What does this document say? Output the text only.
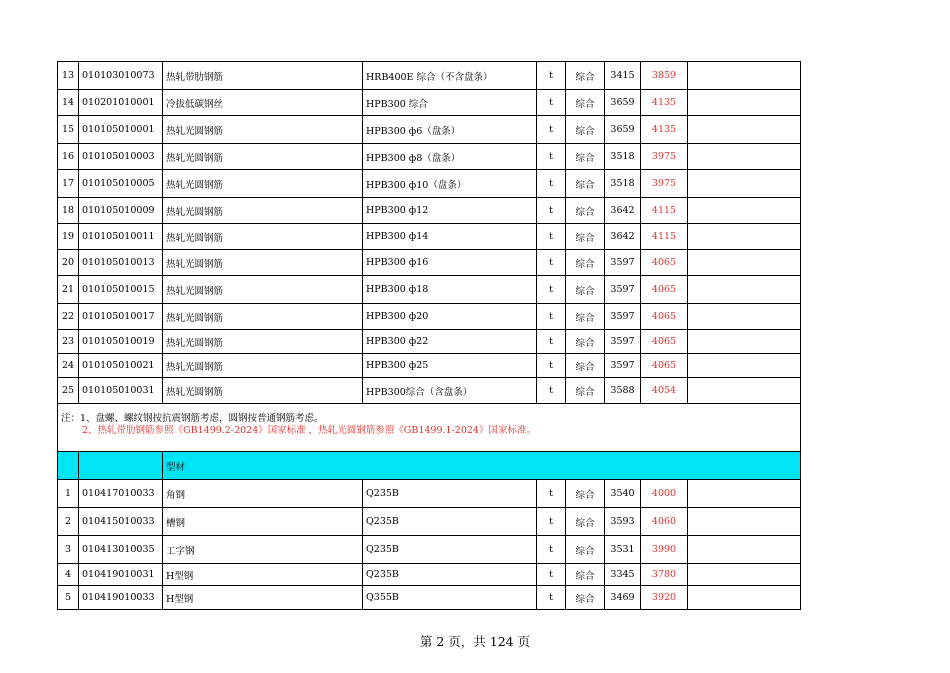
13	010103010073	热轧带肋钢筋	HRB400E 综合（不含盘条）	t	综合	3415	3859	
14	010201010001	冷拔低碳钢丝	HPB300 综合	t	综合	3659	4135	
15	010105010001	热轧光圆钢筋	HPB300 ф6（盘条）	t	综合	3659	4135	
16	010105010003	热轧光圆钢筋	HPB300 ф8（盘条）	t	综合	3518	3975	
17	010105010005	热轧光圆钢筋	HPB300 ф10（盘条）	t	综合	3518	3975	
18	010105010009	热轧光圆钢筋	HPB300 ф12	t	综合	3642	4115	
19	010105010011	热轧光圆钢筋	HPB300 ф14	t	综合	3642	4115	
20	010105010013	热轧光圆钢筋	HPB300 ф16	t	综合	3597	4065	
21	010105010015	热轧光圆钢筋	HPB300 ф18	t	综合	3597	4065	
22	010105010017	热轧光圆钢筋	HPB300 ф20	t	综合	3597	4065	
23	010105010019	热轧光圆钢筋	HPB300 ф22	t	综合	3597	4065	
24	010105010021	热轧光圆钢筋	HPB300 ф25	t	综合	3597	4065	
25	010105010031	热轧光圆钢筋	HPB300综合（含盘条）	t	综合	3588	4054	
注：1、盘螺、螺纹钢按抗震钢筋考虑，圆钢按普通钢筋考虑。
2、热轧带肋钢筋参照《GB1499.2-2024》国家标准 ，热轧光圆钢筋参照《GB1499.1-2024》国家标准。								

		型材						
1	010417010033	角钢	Q235B	t	综合	3540	4000	
2	010415010033	槽钢	Q235B	t	综合	3593	4060	
3	010413010035	工字钢	Q235B	t	综合	3531	3990	
4	010419010031	H型钢	Q235B	t	综合	3345	3780	
5	010419010033	H型钢	Q355B	t	综合	3469	3920	
第 2 页，共 124 页
